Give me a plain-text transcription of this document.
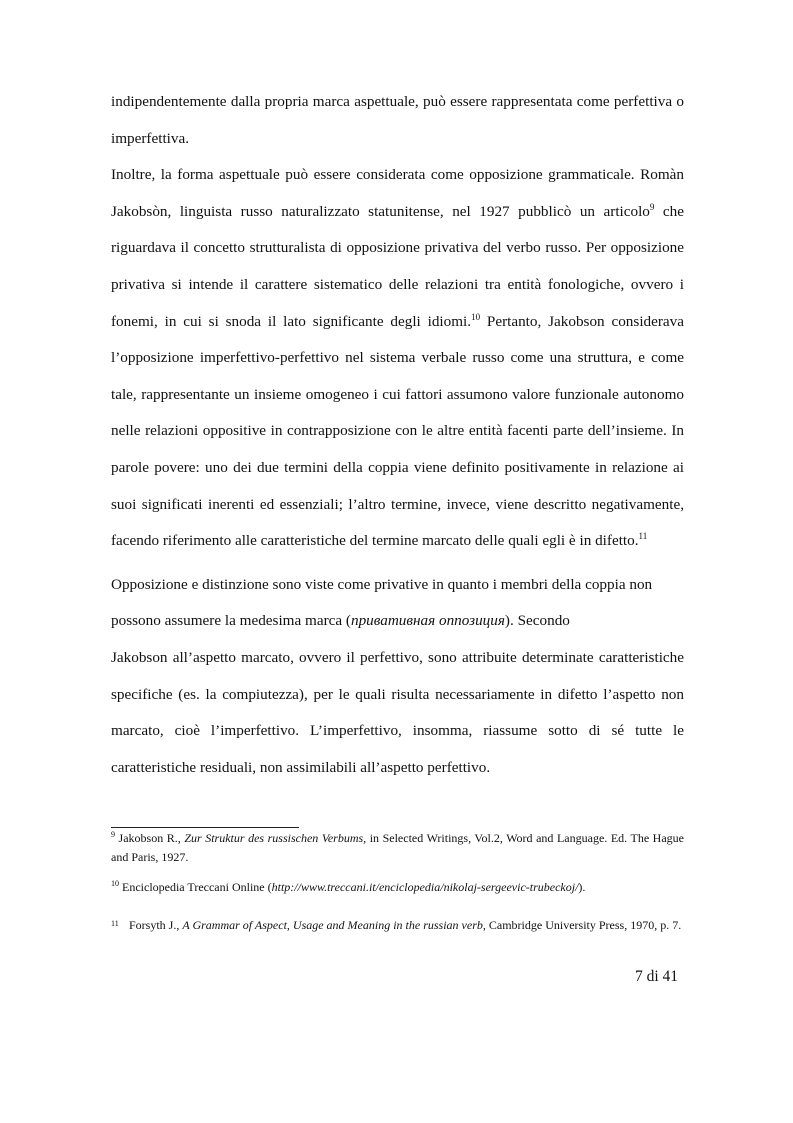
indipendentemente dalla propria marca aspettuale, può essere rappresentata come perfettiva o imperfettiva.

Inoltre, la forma aspettuale può essere considerata come opposizione grammaticale. Romàn Jakobsòn, linguista russo naturalizzato statunitense, nel 1927 pubblicò un articolo$^9$ che riguardava il concetto strutturalista di opposizione privativa del verbo russo. Per opposizione privativa si intende il carattere sistematico delle relazioni tra entità fonologiche, ovvero i fonemi, in cui si snoda il lato significante degli idiomi.$^{10}$ Pertanto, Jakobson considerava l’opposizione imperfettivo-perfettivo nel sistema verbale russo come una struttura, e come tale, rappresentante un insieme omogeneo i cui fattori assumono valore funzionale autonomo nelle relazioni oppositive in contrapposizione con le altre entità facenti parte dell’insieme. In parole povere: uno dei due termini della coppia viene definito positivamente in relazione ai suoi significati inerenti ed essenziali; l’altro termine, invece, viene descritto negativamente, facendo riferimento alle caratteristiche del termine marcato delle quali egli è in difetto.$^{11}$

Opposizione e distinzione sono viste come privative in quanto i membri della coppia non possono assumere la medesima marca (привативная оппозиция). Secondo

Jakobson all’aspetto marcato, ovvero il perfettivo, sono attribuite determinate caratteristiche specifiche (es. la compiutezza), per le quali risulta necessariamente in difetto l’aspetto non marcato, cioè l’imperfettivo. L’imperfettivo, insomma, riassume sotto di sé tutte le caratteristiche residuali, non assimilabili all’aspetto perfettivo.

$^9$ Jakobson R., Zur Struktur des russischen Verbums, in Selected Writings, Vol.2, Word and Language. Ed. The Hague and Paris, 1927.

$^{10}$ Enciclopedia Treccani Online (http://www.treccani.it/enciclopedia/nikolaj-sergeevic-trubeckoj/).

11 Forsyth J., A Grammar of Aspect, Usage and Meaning in the russian verb, Cambridge University Press, 1970, p. 7.

7 di 41
